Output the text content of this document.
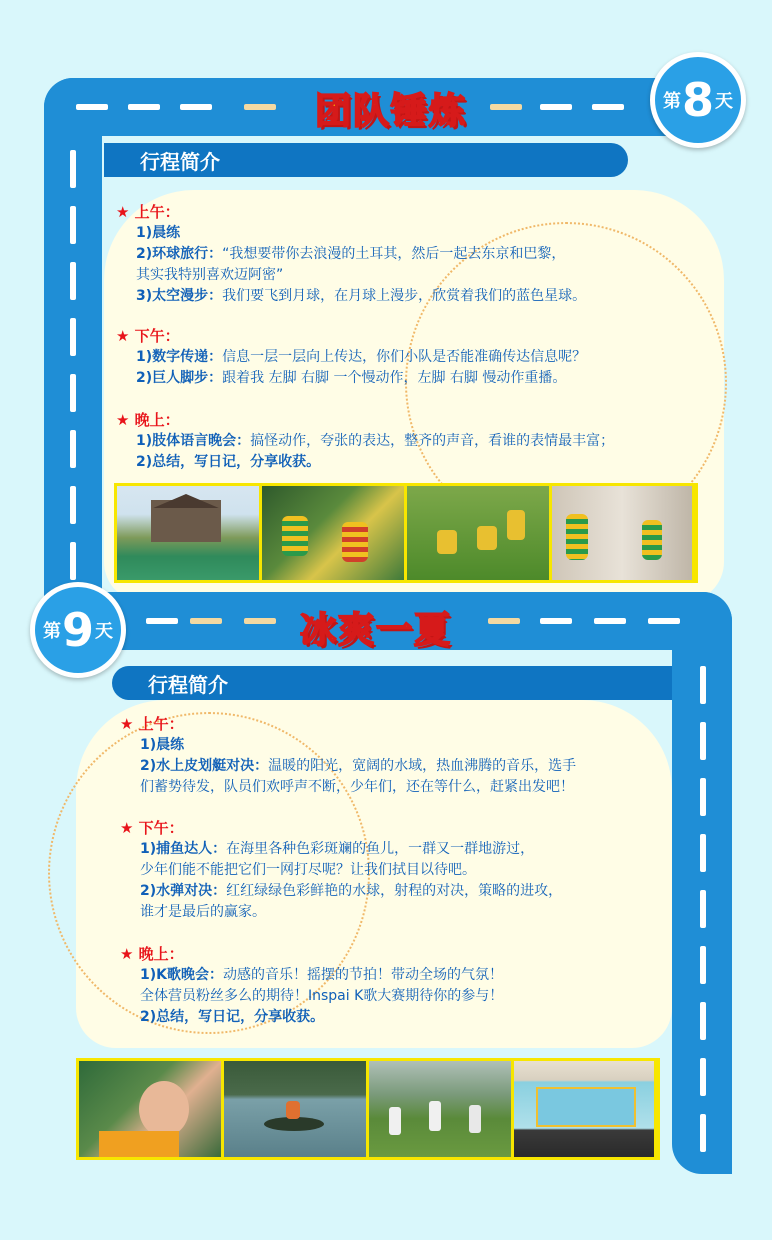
第 8 天
团队锤炼
行程简介
★ 上午：
1)晨练
2)环球旅行：“我想要带你去浪漫的土耳其，然后一起去东京和巴黎，
其实我特别喜欢迈阿密”
3)太空漫步：我们要飞到月球，在月球上漫步，欣赏着我们的蓝色星球。
★ 下午：
1)数字传递：信息一层一层向上传达，你们小队是否能准确传达信息呢？
2)巨人脚步：跟着我 左脚 右脚 一个慢动作，左脚 右脚 慢动作重播。
★ 晚上：
1)肢体语言晚会：搞怪动作，夸张的表达，整齐的声音，看谁的表情最丰富；
2)总结，写日记，分享收获。
第 9 天	冰爽一夏
行程简介
★ 上午：
1)晨练
2)水上皮划艇对决：温暖的阳光，宽阔的水域，热血沸腾的音乐，选手
们蓄势待发，队员们欢呼声不断，少年们，还在等什么，赶紧出发吧！
★ 下午：
1)捕鱼达人：在海里各种色彩斑斓的鱼儿，一群又一群地游过，
少年们能不能把它们一网打尽呢？让我们拭目以待吧。
2)水弹对决：红红绿绿色彩鲜艳的水球，射程的对决，策略的进攻，
谁才是最后的赢家。
★ 晚上：
1)K歌晚会：动感的音乐！摇摆的节拍！带动全场的气氛！
全体营员粉丝多么的期待！Inspai K歌大赛期待你的参与！
2)总结，写日记，分享收获。
